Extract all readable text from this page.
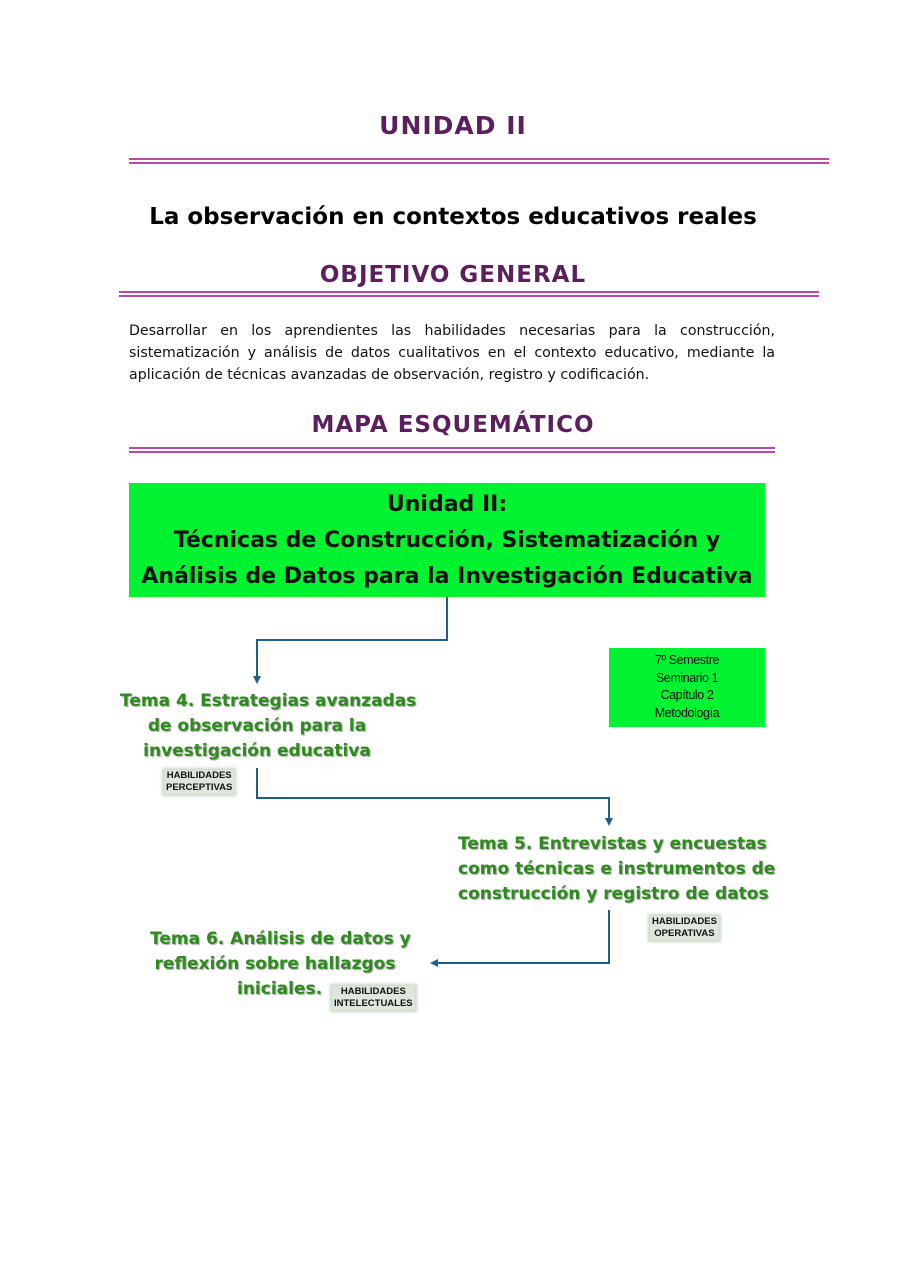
UNIDAD II
La observación en contextos educativos reales
OBJETIVO GENERAL
Desarrollar en los aprendientes las habilidades necesarias para la construcción, sistematización y análisis de datos cualitativos en el contexto educativo, mediante la aplicación de técnicas avanzadas de observación, registro y codificación.
MAPA ESQUEMÁTICO
Unidad II:
Técnicas de Construcción, Sistematización y
Análisis de Datos para la Investigación Educativa
7º Semestre
Seminario 1
Capítulo 2
Metodología
Tema 4. Estrategias avanzadas
de observación para la
investigación educativa
HABILIDADES
PERCEPTIVAS
Tema 5. Entrevistas y encuestas
como técnicas e instrumentos de
construcción y registro de datos
HABILIDADES
OPERATIVAS
Tema 6. Análisis de datos y
reflexión sobre hallazgos
iniciales.	HABILIDADES
INTELECTUALES
